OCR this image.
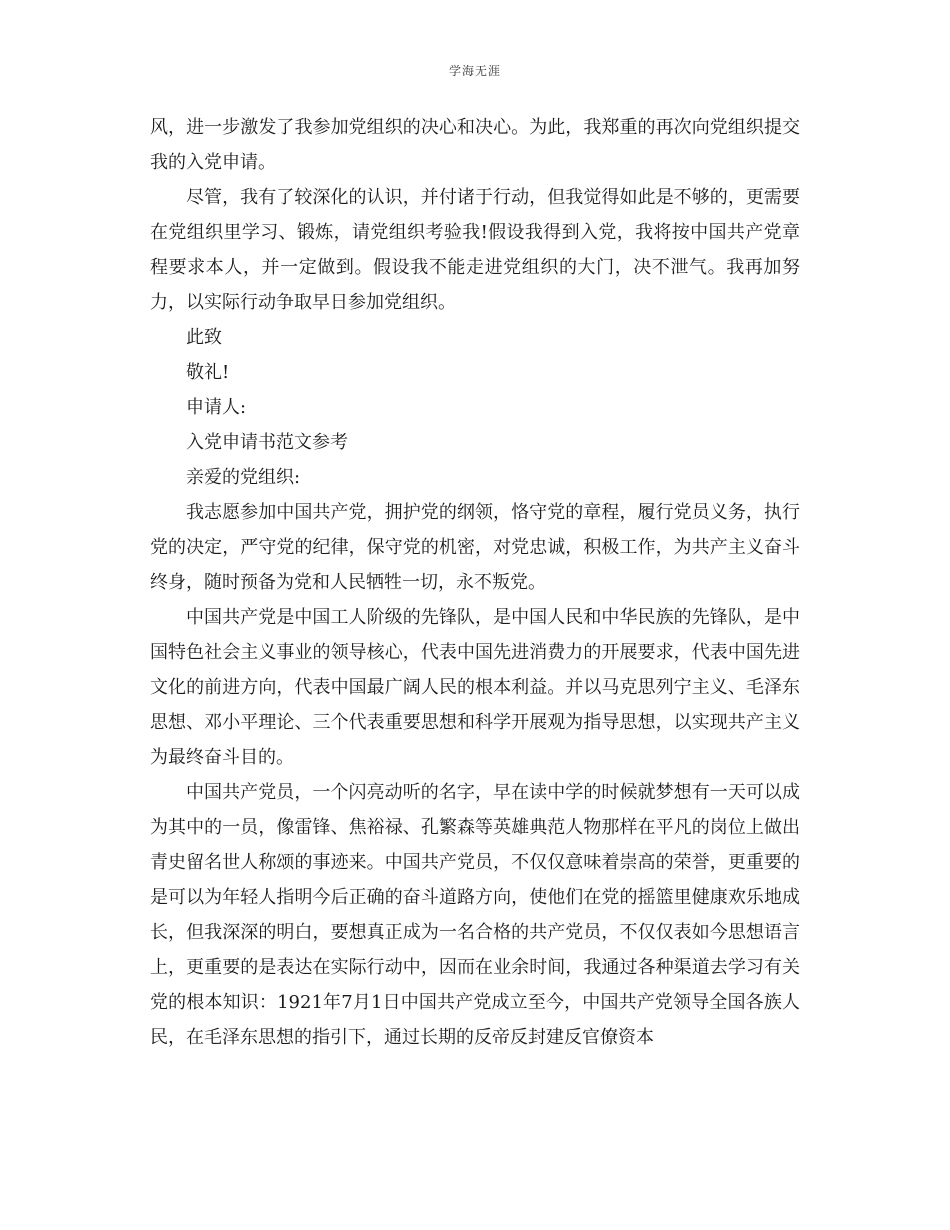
学海无涯

风，进一步激发了我参加党组织的决心和决心。为此，我郑重的再次向党组织提交我的入党申请。

尽管，我有了较深化的认识，并付诸于行动，但我觉得如此是不够的，更需要在党组织里学习、锻炼，请党组织考验我!假设我得到入党，我将按中国共产党章程要求本人，并一定做到。假设我不能走进党组织的大门，决不泄气。我再加努力，以实际行动争取早日参加党组织。

此致

敬礼!

申请人:

入党申请书范文参考

亲爱的党组织:

我志愿参加中国共产党，拥护党的纲领，恪守党的章程，履行党员义务，执行党的决定，严守党的纪律，保守党的机密，对党忠诚，积极工作，为共产主义奋斗终身，随时预备为党和人民牺牲一切，永不叛党。

中国共产党是中国工人阶级的先锋队，是中国人民和中华民族的先锋队，是中国特色社会主义事业的领导核心，代表中国先进消费力的开展要求，代表中国先进文化的前进方向，代表中国最广阔人民的根本利益。并以马克思列宁主义、毛泽东思想、邓小平理论、三个代表重要思想和科学开展观为指导思想，以实现共产主义为最终奋斗目的。

中国共产党员，一个闪亮动听的名字，早在读中学的时候就梦想有一天可以成为其中的一员，像雷锋、焦裕禄、孔繁森等英雄典范人物那样在平凡的岗位上做出青史留名世人称颂的事迹来。中国共产党员，不仅仅意味着崇高的荣誉，更重要的是可以为年轻人指明今后正确的奋斗道路方向，使他们在党的摇篮里健康欢乐地成长，但我深深的明白，要想真正成为一名合格的共产党员，不仅仅表如今思想语言上，更重要的是表达在实际行动中，因而在业余时间，我通过各种渠道去学习有关党的根本知识：1921年7月1日中国共产党成立至今，中国共产党领导全国各族人民，在毛泽东思想的指引下，通过长期的反帝反封建反官僚资本
